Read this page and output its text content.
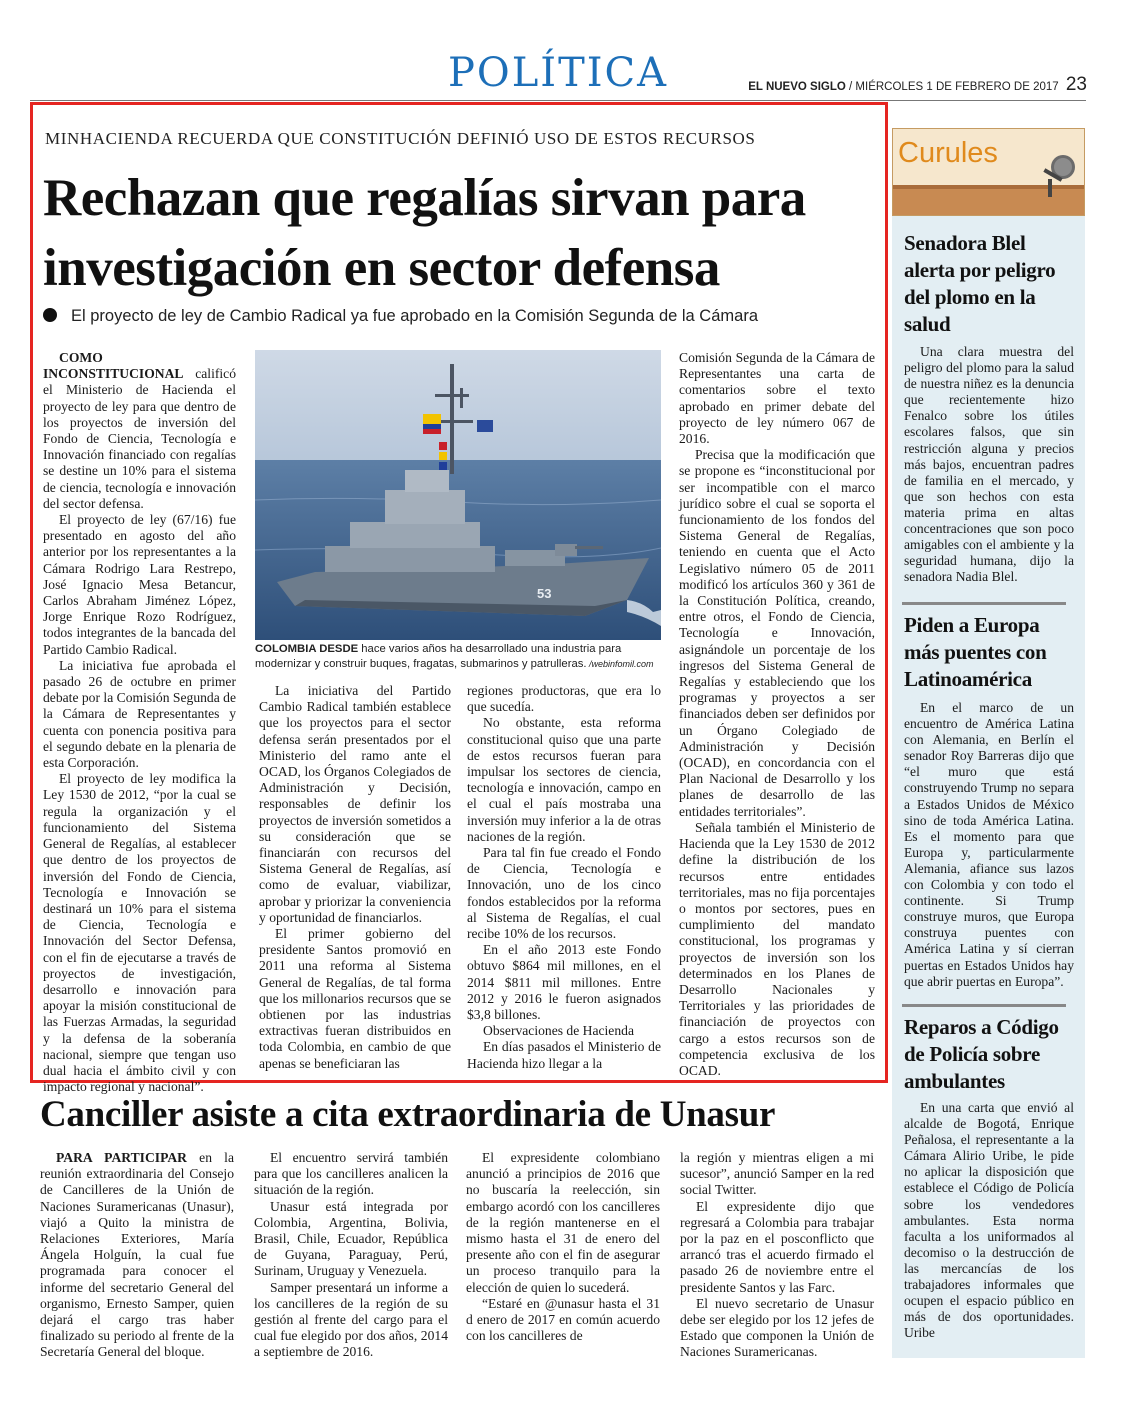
POLÍTICA	EL NUEVO SIGLO / MIÉRCOLES 1 DE FEBRERO DE 2017 23
MINHACIENDA RECUERDA QUE CONSTITUCIÓN DEFINIÓ USO DE ESTOS RECURSOS
Rechazan que regalías sirvan para investigación en sector defensa
El proyecto de ley de Cambio Radical ya fue aprobado en la Comisión Segunda de la Cámara

COMO INCONSTITUCIONAL calificó el Ministerio de Hacienda el proyecto de ley para que dentro de los proyectos de inversión del Fondo de Ciencia, Tecnología e Innovación financiado con regalías se destine un 10% para el sistema de ciencia, tecnología e innovación del sector defensa.

El proyecto de ley (67/16) fue presentado en agosto del año anterior por los representantes a la Cámara Rodrigo Lara Restrepo, José Ignacio Mesa Betancur, Carlos Abraham Jiménez López, Jorge Enrique Rozo Rodríguez, todos integrantes de la bancada del Partido Cambio Radical.

La iniciativa fue aprobada el pasado 26 de octubre en primer debate por la Comisión Segunda de la Cámara de Representantes y cuenta con ponencia positiva para el segundo debate en la plenaria de esta Corporación.

El proyecto de ley modifica la Ley 1530 de 2012, “por la cual se regula la organización y el funcionamiento del Sistema General de Regalías, al establecer que dentro de los proyectos de inversión del Fondo de Ciencia, Tecnología e Innovación se destinará un 10% para el sistema de Ciencia, Tecnología e Innovación del Sector Defensa, con el fin de ejecutarse a través de proyectos de investigación, desarrollo e innovación para apoyar la misión constitucional de las Fuerzas Armadas, la seguridad y la defensa de la soberanía nacional, siempre que tengan uso dual hacia el ámbito civil y con impacto regional y nacional”.

53
COLOMBIA DESDE hace varios años ha desarrollado una industria para modernizar y construir buques, fragatas, submarinos y patrulleras. /webinfomil.com

La iniciativa del Partido Cambio Radical también establece que los proyectos para el sector defensa serán presentados por el Ministerio del ramo ante el OCAD, los Órganos Colegiados de Administración y Decisión, responsables de definir los proyectos de inversión sometidos a su consideración que se financiarán con recursos del Sistema General de Regalías, así como de evaluar, viabilizar, aprobar y priorizar la conveniencia y oportunidad de financiarlos.

El primer gobierno del presidente Santos promovió en 2011 una reforma al Sistema General de Regalías, de tal forma que los millonarios recursos que se obtienen por las industrias extractivas fueran distribuidos en toda Colombia, en cambio de que apenas se beneficiaran las

regiones productoras, que era lo que sucedía.

No obstante, esta reforma constitucional quiso que una parte de estos recursos fueran para impulsar los sectores de ciencia, tecnología e innovación, campo en el cual el país mostraba una inversión muy inferior a la de otras naciones de la región.

Para tal fin fue creado el Fondo de Ciencia, Tecnología e Innovación, uno de los cinco fondos establecidos por la reforma al Sistema de Regalías, el cual recibe 10% de los recursos.

En el año 2013 este Fondo obtuvo $864 mil millones, en el 2014 $811 mil millones. Entre 2012 y 2016 le fueron asignados $3,8 billones.

Observaciones de Hacienda

En días pasados el Ministerio de Hacienda hizo llegar a la

Comisión Segunda de la Cámara de Representantes una carta de comentarios sobre el texto aprobado en primer debate del proyecto de ley número 067 de 2016.

Precisa que la modificación que se propone es “inconstitucional por ser incompatible con el marco jurídico sobre el cual se soporta el funcionamiento de los fondos del Sistema General de Regalías, teniendo en cuenta que el Acto Legislativo número 05 de 2011 modificó los artículos 360 y 361 de la Constitución Política, creando, entre otros, el Fondo de Ciencia, Tecnología e Innovación, asignándole un porcentaje de los ingresos del Sistema General de Regalías y estableciendo que los programas y proyectos a ser financiados deben ser definidos por un Órgano Colegiado de Administración y Decisión (OCAD), en concordancia con el Plan Nacional de Desarrollo y los planes de desarrollo de las entidades territoriales”.

Señala también el Ministerio de Hacienda que la Ley 1530 de 2012 define la distribución de los recursos entre entidades territoriales, mas no fija porcentajes o montos por sectores, pues en cumplimiento del mandato constitucional, los programas y proyectos de inversión son los determinados en los Planes de Desarrollo Nacionales y Territoriales y las prioridades de financiación de proyectos con cargo a estos recursos son de competencia exclusiva de los OCAD.

Canciller asiste a cita extraordinaria de Unasur

PARA PARTICIPAR en la reunión extraordinaria del Consejo de Cancilleres de la Unión de Naciones Suramericanas (Unasur), viajó a Quito la ministra de Relaciones Exteriores, María Ángela Holguín, la cual fue programada para conocer el informe del secretario General del organismo, Ernesto Samper, quien dejará el cargo tras haber finalizado su periodo al frente de la Secretaría General del bloque.

El encuentro servirá también para que los cancilleres analicen la situación de la región.

Unasur está integrada por Colombia, Argentina, Bolivia, Brasil, Chile, Ecuador, República de Guyana, Paraguay, Perú, Surinam, Uruguay y Venezuela.

Samper presentará un informe a los cancilleres de la región de su gestión al frente del cargo para el cual fue elegido por dos años, 2014 a septiembre de 2016.

El expresidente colombiano anunció a principios de 2016 que no buscaría la reelección, sin embargo acordó con los cancilleres de la región mantenerse en el mismo hasta el 31 de enero del presente año con el fin de asegurar un proceso tranquilo para la elección de quien lo sucederá.

“Estaré en @unasur hasta el 31 d enero de 2017 en común acuerdo con los cancilleres de

la región y mientras eligen a mi sucesor”, anunció Samper en la red social Twitter.

El expresidente dijo que regresará a Colombia para trabajar por la paz en el posconflicto que arrancó tras el acuerdo firmado el pasado 26 de noviembre entre el presidente Santos y las Farc.

El nuevo secretario de Unasur debe ser elegido por los 12 jefes de Estado que componen la Unión de Naciones Suramericanas.

Curules
Senadora Blel alerta por peligro del plomo en la salud
Una clara muestra del peligro del plomo para la salud de nuestra niñez es la denuncia que recientemente hizo Fenalco sobre los útiles escolares falsos, que sin restricción alguna y precios más bajos, encuentran padres de familia en el mercado, y que son hechos con esta materia prima en altas concentraciones que son poco amigables con el ambiente y la seguridad humana, dijo la senadora Nadia Blel.
Piden a Europa más puentes con Latinoamérica
En el marco de un encuentro de América Latina con Alemania, en Berlín el senador Roy Barreras dijo que “el muro que está construyendo Trump no separa a Estados Unidos de México sino de toda América Latina. Es el momento para que Europa y, particularmente Alemania, afiance sus lazos con Colombia y con todo el continente. Si Trump construye muros, que Europa construya puentes con América Latina y sí cierran puertas en Estados Unidos hay que abrir puertas en Europa”.
Reparos a Código de Policía sobre ambulantes
En una carta que envió al alcalde de Bogotá, Enrique Peñalosa, el representante a la Cámara Alirio Uribe, le pide no aplicar la disposición que establece el Código de Policía sobre los vendedores ambulantes. Esta norma faculta a los uniformados al decomiso o la destrucción de las mercancías de los trabajadores informales que ocupen el espacio público en más de dos oportunidades. Uribe
